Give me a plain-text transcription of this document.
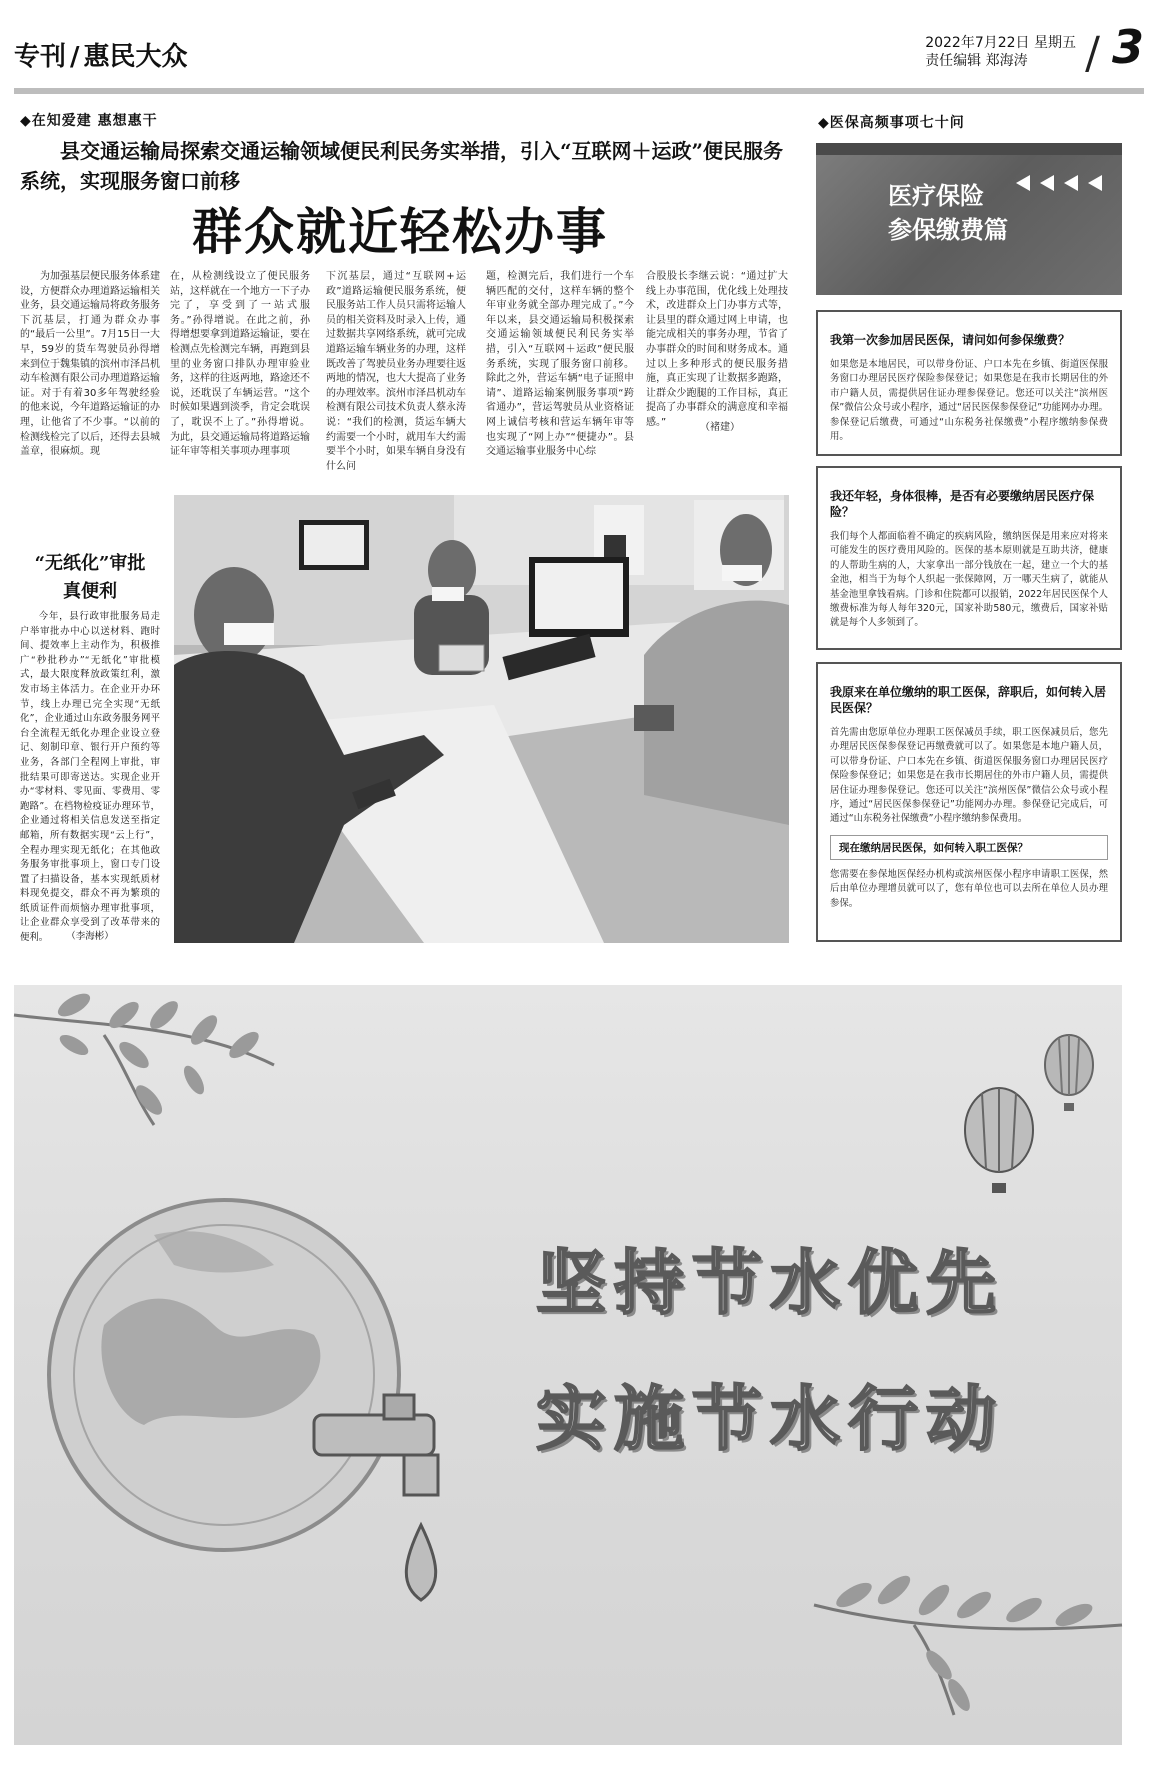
专刊 / 惠民大众	2022年7月22日 星期五
责任编辑 郑海涛	/ 3
◆在知爱建 惠想惠干
县交通运输局探索交通运输领域便民利民务实举措，引入“互联网＋运政”便民服务系统，实现服务窗口前移
群众就近轻松办事
为加强基层便民服务体系建设，方便群众办理道路运输相关业务，县交通运输局将政务服务下沉基层，打通为群众办事的“最后一公里”。7月15日一大早，59岁的货车驾驶员孙得增来到位于魏集镇的滨州市泽昌机动车检测有限公司办理道路运输证。对于有着30多年驾驶经验的他来说，今年道路运输证的办理，让他省了不少事。“以前的检测线检完了以后，还得去县城盖章，很麻烦。现
在，从检测线设立了便民服务站，这样就在一个地方一下子办完了，享受到了一站式服务。”孙得增说。在此之前，孙得增想要拿到道路运输证，要在检测点先检测完车辆，再跑到县里的业务窗口排队办理审验业务，这样的往返两地，路途还不说，还耽误了车辆运营。“这个时候如果遇到淡季，肯定会耽误了，耽误不上了。”孙得增说。为此，县交通运输局将道路运输证年审等相关事项办理事项
下沉基层，通过“互联网+运政”道路运输便民服务系统，便民服务站工作人员只需将运输人员的相关资料及时录入上传，通过数据共享网络系统，就可完成道路运输车辆业务的办理，这样既改善了驾驶员业务办理要往返两地的情况，也大大提高了业务的办理效率。滨州市泽昌机动车检测有限公司技术负责人蔡永涛说：“我们的检测，货运车辆大约需要一个小时，就用车大约需要半个小时，如果车辆自身没有什么问
题，检测完后，我们进行一个车辆匹配的交付，这样车辆的整个年审业务就全部办理完成了。”今年以来，县交通运输局积极探索交通运输领域便民利民务实举措，引入“互联网＋运政”便民服务系统，实现了服务窗口前移。除此之外，营运车辆“电子证照申请”、道路运输案例服务事项“跨省通办”，营运驾驶员从业资格证网上诚信考核和营运车辆年审等也实现了“网上办”“便捷办”。县交通运输事业服务中心综
合股股长李继云说：“通过扩大线上办事范围，优化线上处理技术，改进群众上门办事方式等，让县里的群众通过网上申请，也能完成相关的事务办理，节省了办事群众的时间和财务成本。通过以上多种形式的便民服务措施，真正实现了让数据多跑路，让群众少跑腿的工作目标，真正提高了办事群众的满意度和幸福感。”	（褚建）
“无纸化”审批
真便利
今年，县行政审批服务局走户举审批办中心以送材料、跑时间、提效率上主动作为，积极推广“秒批秒办”“无纸化”审批模式，最大限度释放政策红利，激发市场主体活力。在企业开办环节，线上办理已完全实现“无纸化”，企业通过山东政务服务网平台全流程无纸化办理企业设立登记、刻制印章、银行开户预约等业务，各部门全程网上审批，审批结果可即寄送达。实现企业开办“零材料、零见面、零费用、零跑路”。在档物检疫证办理环节，企业通过将相关信息发送至指定邮箱，所有数据实现“云上行”，全程办理实现无纸化；在其他政务服务审批事项上，窗口专门设置了扫描设备，基本实现纸质材料现免提交，群众不再为繁琐的纸质证件而烦恼办理审批事项，让企业群众享受到了改革带来的便利。	（李海彬）
◆医保高频事项七十问
医疗保险
参保缴费篇
我第一次参加居民医保，请问如何参保缴费？
如果您是本地居民，可以带身份证、户口本先在乡镇、街道医保服务窗口办理居民医疗保险参保登记；如果您是在我市长期居住的外市户籍人员，需提供居住证办理参保登记。您还可以关注“滨州医保”微信公众号或小程序，通过“居民医保参保登记”功能网办办理。参保登记后缴费，可通过“山东税务社保缴费”小程序缴纳参保费用。
我还年轻，身体很棒，是否有必要缴纳居民医疗保险？
我们每个人都面临着不确定的疾病风险，缴纳医保是用来应对将来可能发生的医疗费用风险的。医保的基本原则就是互助共济，健康的人帮助生病的人，大家拿出一部分钱放在一起，建立一个大的基金池，相当于为每个人织起一张保障网，万一哪天生病了，就能从基金池里拿钱看病。门诊和住院都可以报销，2022年居民医保个人缴费标准为每人每年320元，国家补助580元，缴费后，国家补贴就是每个人多领到了。
我原来在单位缴纳的职工医保，辞职后，如何转入居民医保？
首先需由您原单位办理职工医保减员手续，职工医保减员后，您先办理居民医保参保登记再缴费就可以了。如果您是本地户籍人员，可以带身份证、户口本先在乡镇、街道医保服务窗口办理居民医疗保险参保登记；如果您是在我市长期居住的外市户籍人员，需提供居住证办理参保登记。您还可以关注“滨州医保”微信公众号或小程序，通过“居民医保参保登记”功能网办办理。参保登记完成后，可通过“山东税务社保缴费”小程序缴纳参保费用。
现在缴纳居民医保，如何转入职工医保？
您需要在参保地医保经办机构或滨州医保小程序申请职工医保，然后由单位办理增员就可以了，您有单位也可以去所在单位人员办理参保。
坚持节水优先
实施节水行动
